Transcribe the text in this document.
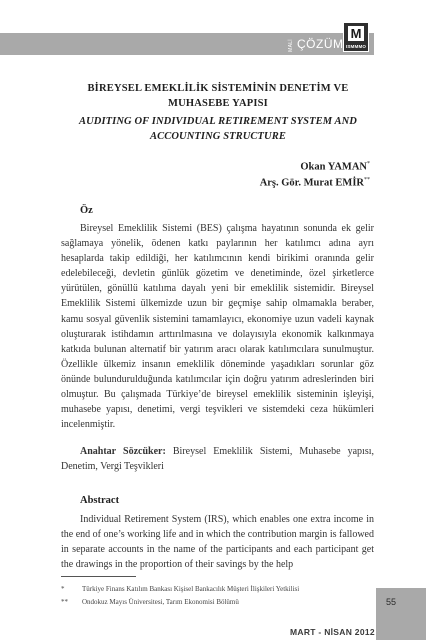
MALİ ÇÖZÜM
M
ISMMMO
BİREYSEL EMEKLİLİK SİSTEMİNİN DENETİM VE MUHASEBE YAPISI
AUDITING OF INDIVIDUAL RETIREMENT SYSTEM AND ACCOUNTING STRUCTURE
Okan YAMAN*
Arş. Gör. Murat EMİR**
Öz

Bireysel Emeklilik Sistemi (BES) çalışma hayatının sonunda ek gelir sağlamaya yönelik, ödenen katkı paylarının her katılımcı adına ayrı hesaplarda takip edildiği, her katılımcının kendi birikimi oranında gelir edelebileceği, devletin günlük gözetim ve denetiminde, özel şirketlerce yürütülen, gönüllü katılıma dayalı yeni bir emeklilik sistemidir. Bireysel Emeklilik Sistemi ülkemizde uzun bir geçmişe sahip olmamakla beraber, kamu sosyal güvenlik sistemini tamamlayıcı, ekonomiye uzun vadeli kaynak oluşturarak istihdamın arttırılmasına ve dolayısıyla ekonomik kalkınmaya katkıda bulunan alternatif bir yatırım aracı olarak katılımcılara sunulmuştur. Özellikle ülkemiz insanın emeklilik döneminde yaşadıkları sorunlar göz önünde bulundurulduğunda katılımcılar için doğru yatırım adreslerinden biri olmuştur. Bu çalışmada Türkiye’de bireysel emeklilik sisteminin işleyişi, muhasebe yapısı, denetimi, vergi teşvikleri ve sistemdeki ceza hükümleri incelenmiştir.

Anahtar Sözcüker: Bireysel Emeklilik Sistemi, Muhasebe yapısı, Denetim, Vergi Teşvikleri

Abstract

Individual Retirement System (IRS), which enables one extra income in the end of one’s working life and in which the contribution margin is fallowed in separate accounts in the name of the participants and each participant get the drawings in the proportion of their savings by the help

*	Türkiye Finans Katılım Bankası Kişisel Bankacılık Müşteri İlişkileri Yetkilisi
** Ondokuz Mayıs Üniversitesi, Tarım Ekonomisi Bölümü	55
MART - NİSAN 2012
